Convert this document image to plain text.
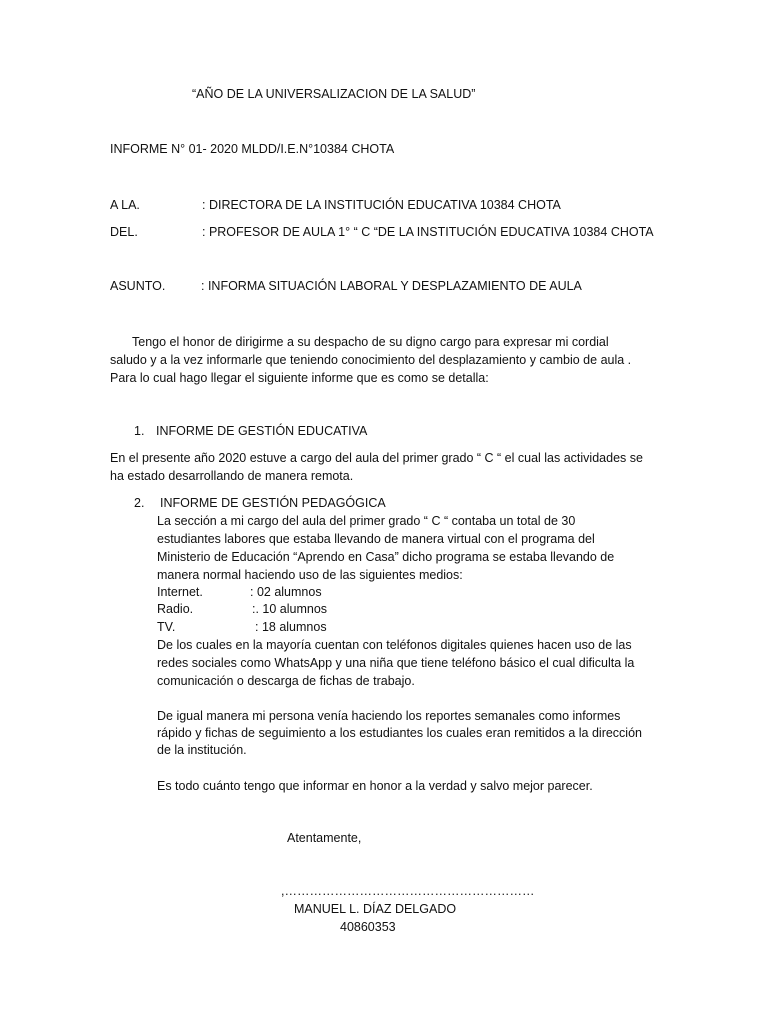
“AÑO DE LA UNIVERSALIZACION DE LA SALUD”
INFORME N° 01- 2020 MLDD/I.E.N°10384 CHOTA
A LA.	: DIRECTORA DE LA INSTITUCIÓN EDUCATIVA 10384 CHOTA
DEL.	: PROFESOR DE AULA 1° “ C “DE LA INSTITUCIÓN EDUCATIVA 10384 CHOTA
ASUNTO.	: INFORMA SITUACIÓN LABORAL Y DESPLAZAMIENTO DE AULA
Tengo el honor de dirigirme a su despacho de su digno cargo para expresar mi cordial
saludo y a la vez informarle que teniendo conocimiento del desplazamiento y cambio de aula .
Para lo cual hago llegar el siguiente informe que es como se detalla:
1. INFORME DE GESTIÓN EDUCATIVA
En el presente año 2020 estuve a cargo del aula del primer grado “ C “ el cual las actividades se
ha estado desarrollando de manera remota.
2. INFORME DE GESTIÓN PEDAGÓGICA
La sección a mi cargo del aula del primer grado “ C “ contaba un total de 30
estudiantes labores que estaba llevando de manera virtual con el programa del
Ministerio de Educación “Aprendo en Casa” dicho programa se estaba llevando de
manera normal haciendo uso de las siguientes medios:
Internet.	: 02 alumnos
Radio.	:. 10 alumnos
TV.	: 18 alumnos
De los cuales en la mayoría cuentan con teléfonos digitales quienes hacen uso de las
redes sociales como WhatsApp y una niña que tiene teléfono básico el cual dificulta la
comunicación o descarga de fichas de trabajo.
De igual manera mi persona venía haciendo los reportes semanales como informes
rápido y fichas de seguimiento a los estudiantes los cuales eran remitidos a la dirección
de la institución.
Es todo cuánto tengo que informar en honor a la verdad y salvo mejor parecer.
Atentamente,
,……………………………………………………
MANUEL L. DÍAZ DELGADO
40860353
